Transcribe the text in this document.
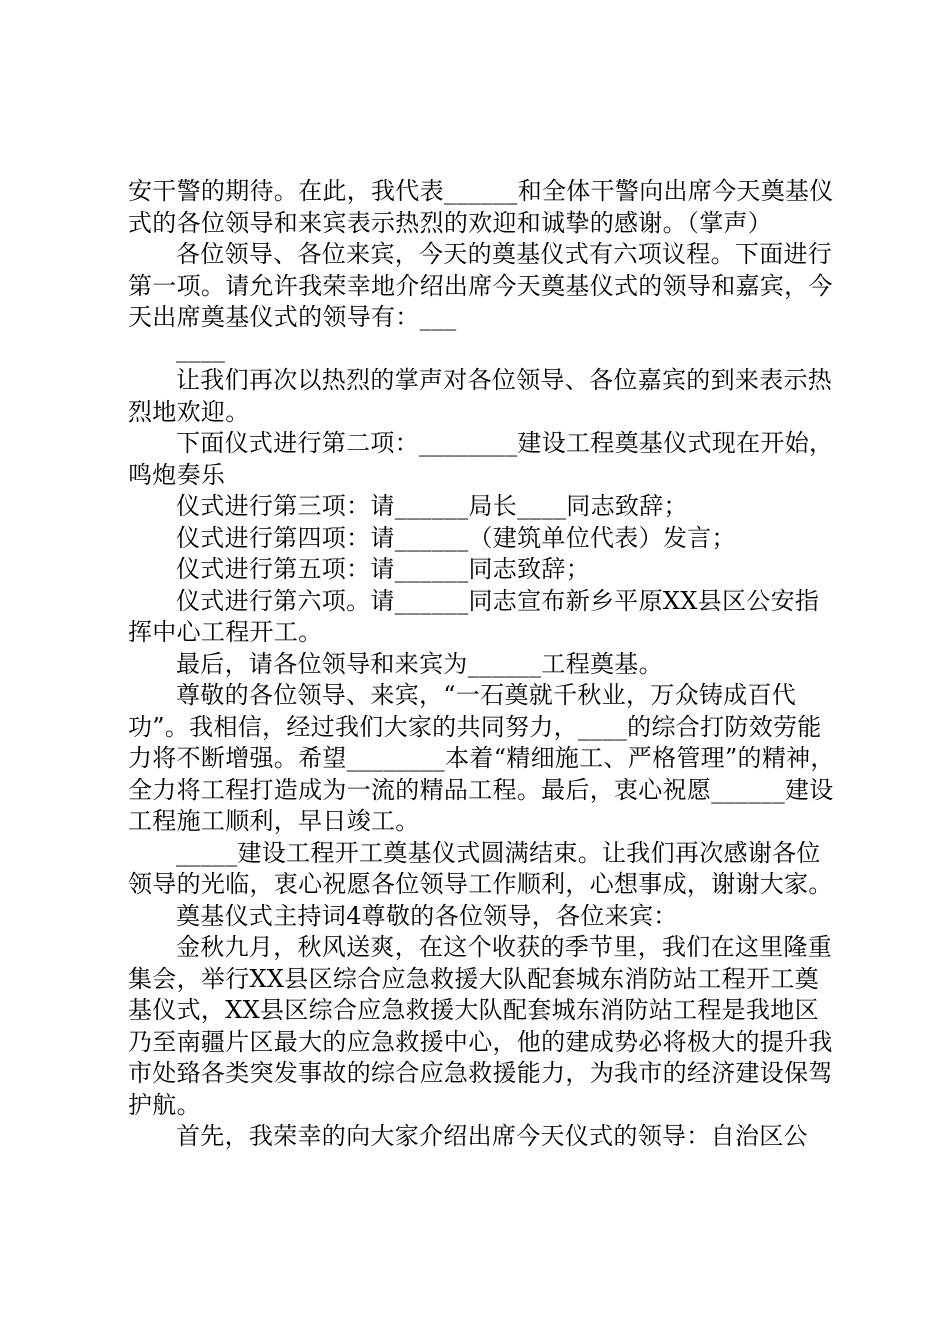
安干警的期待。在此，我代表______和全体干警向出席今天奠基仪式的各位领导和来宾表示热烈的欢迎和诚挚的感谢。（掌声）

各位领导、各位来宾，今天的奠基仪式有六项议程。下面进行第一项。请允许我荣幸地介绍出席今天奠基仪式的领导和嘉宾，今天出席奠基仪式的领导有：___

____

让我们再次以热烈的掌声对各位领导、各位嘉宾的到来表示热烈地欢迎。

下面仪式进行第二项：________建设工程奠基仪式现在开始，鸣炮奏乐

仪式进行第三项：请______局长____同志致辞；

仪式进行第四项：请______（建筑单位代表）发言；

仪式进行第五项：请______同志致辞；

仪式进行第六项。请______同志宣布新乡平原XX县区公安指挥中心工程开工。

最后，请各位领导和来宾为______工程奠基。

尊敬的各位领导、来宾，“一石奠就千秋业，万众铸成百代功”。我相信，经过我们大家的共同努力，____的综合打防效劳能力将不断增强。希望________本着“精细施工、严格管理”的精神，全力将工程打造成为一流的精品工程。最后，衷心祝愿______建设工程施工顺利，早日竣工。

_____建设工程开工奠基仪式圆满结束。让我们再次感谢各位领导的光临，衷心祝愿各位领导工作顺利，心想事成，谢谢大家。

奠基仪式主持词4尊敬的各位领导，各位来宾：

金秋九月，秋风送爽，在这个收获的季节里，我们在这里隆重集会，举行XX县区综合应急救援大队配套城东消防站工程开工奠基仪式，XX县区综合应急救援大队配套城东消防站工程是我地区乃至南疆片区最大的应急救援中心，他的建成势必将极大的提升我市处臵各类突发事故的综合应急救援能力，为我市的经济建设保驾护航。

首先，我荣幸的向大家介绍出席今天仪式的领导：自治区公
